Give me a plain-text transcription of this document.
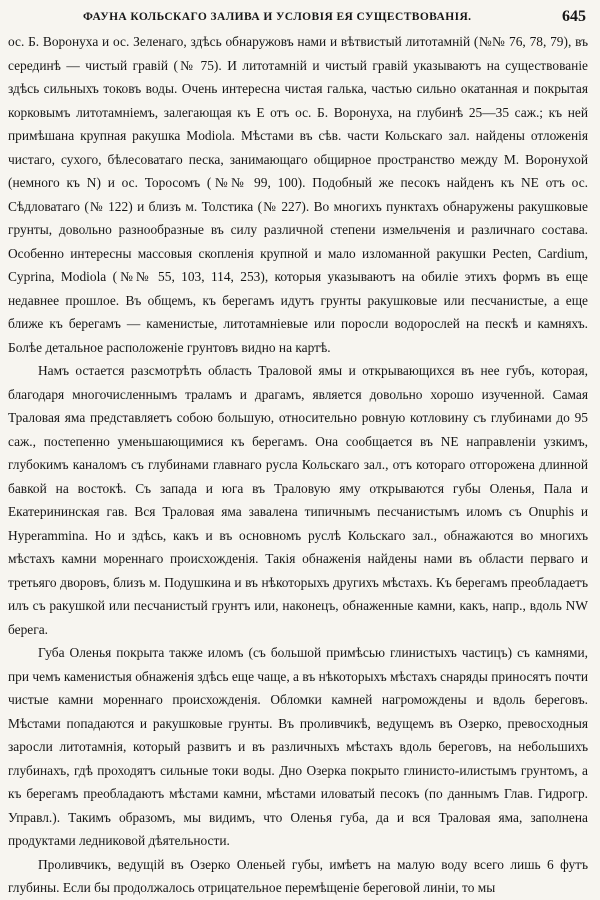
ФАУНА КОЛЬСКАГО ЗАЛИВА И УСЛОВІЯ ЕЯ СУЩЕСТВОВАНІЯ.	645

ос. Б. Воронуха и ос. Зеленаго, здѣсь обнаружовъ нами и вѣтвистый литотамній (№№ 76, 78, 79), въ серединѣ — чистый гравій (№ 75). И литотамній и чистый гравій указываютъ на существованіе здѣсь сильныхъ токовъ воды. Очень интересна чистая галька, частью сильно окатанная и покрытая корковымъ литотамніемъ, залегающая къ Е отъ ос. Б. Воронуха, на глубинѣ 25—35 саж.; къ ней примѣшана крупная ракушка Modiola. Мѣстами въ сѣв. части Кольскаго зал. найдены отложенія чистаго, сухого, бѣлесоватаго песка, занимающаго общирное пространство между М. Воронухой (немного къ N) и ос. Торосомъ (№№ 99, 100). Подобный же песокъ найденъ къ NE отъ ос. Сѣдловатаго (№ 122) и близъ м. Толстика (№ 227). Во многихъ пунктахъ обнаружены ракушковые грунты, довольно разнообразные въ силу различной степени измельченія и различнаго состава. Особенно интересны массовыя скопленія крупной и мало изломанной ракушки Pecten, Cardium, Cyprina, Modiola (№№ 55, 103, 114, 253), которыя указываютъ на обиліе этихъ формъ въ еще недавнее прошлое. Въ общемъ, къ берегамъ идутъ грунты ракушковые или песчанистые, а еще ближе къ берегамъ — каменистые, литотамніевые или поросли водорослей на пескѣ и камняхъ. Болѣе детальное расположеніе грунтовъ видно на картѣ.

Намъ остается разсмотрѣть область Траловой ямы и открывающихся въ нее губъ, которая, благодаря многочисленнымъ траламъ и драгамъ, является довольно хорошо изученной. Самая Траловая яма представляетъ собою большую, относительно ровную котловину съ глубинами до 95 саж., постепенно уменьшающимися къ берегамъ. Она сообщается въ NE направленіи узкимъ, глубокимъ каналомъ съ глубинами главнаго русла Кольскаго зал., отъ котораго отгорожена длинной бавкой на востокѣ. Съ запада и юга въ Траловую яму открываются губы Оленья, Пала и Екатерининская гав. Вся Траловая яма завалена типичнымъ песчанистымъ иломъ съ Onuphis и Hyperammina. Но и здѣсь, какъ и въ основномъ руслѣ Кольскаго зал., обнажаются во многихъ мѣстахъ камни мореннаго происхожденія. Такія обнаженія найдены нами въ области перваго и третьяго дворовъ, близъ м. Подушкина и въ нѣкоторыхъ другихъ мѣстахъ. Къ берегамъ преобладаетъ илъ съ ракушкой или песчанистый грунтъ или, наконецъ, обнаженные камни, какъ, напр., вдоль NW берега.

Губа Оленья покрыта также иломъ (съ большой примѣсью глинистыхъ частицъ) съ камнями, при чемъ каменистыя обнаженія здѣсь еще чаще, а въ нѣкоторыхъ мѣстахъ снаряды приносятъ почти чистые камни мореннаго происхожденія. Обломки камней нагромождены и вдоль береговъ. Мѣстами попадаются и ракушковые грунты. Въ проливчикѣ, ведущемъ въ Озерко, превосходныя заросли литотамнія, который развитъ и въ различныхъ мѣстахъ вдоль береговъ, на небольшихъ глубинахъ, гдѣ проходятъ сильные токи воды. Дно Озерка покрыто глинисто-илистымъ грунтомъ, а къ берегамъ преобладаютъ мѣстами камни, мѣстами иловатый песокъ (по даннымъ Глав. Гидрогр. Управл.). Такимъ образомъ, мы видимъ, что Оленья губа, да и вся Траловая яма, заполнена продуктами ледниковой дѣятельности.

Проливчикъ, ведущій въ Озерко Оленьей губы, имѣетъ на малую воду всего лишь 6 футъ глубины. Если бы продолжалось отрицательное перемѣщеніе береговой линіи, то мы
